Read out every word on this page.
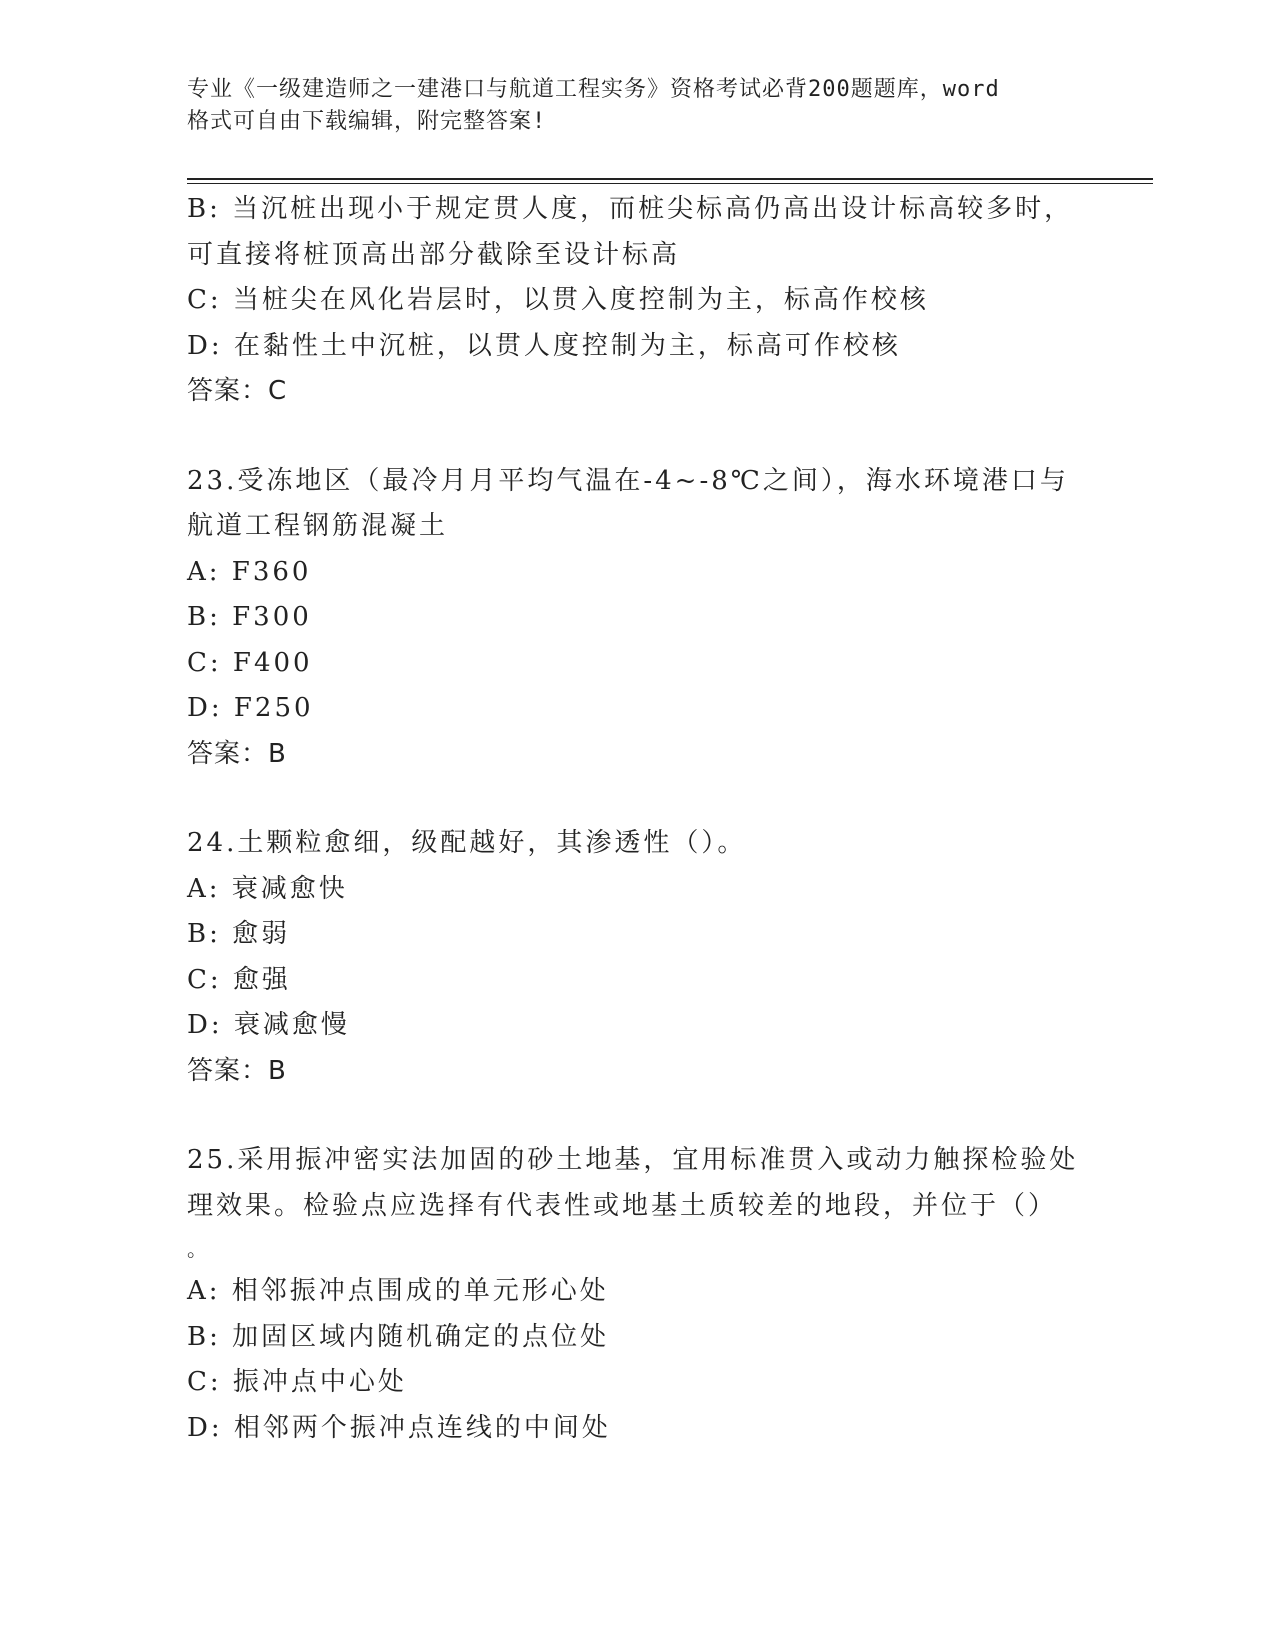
专业《一级建造师之一建港口与航道工程实务》资格考试必背200题题库，word
格式可自由下载编辑，附完整答案!
B: 当沉桩出现小于规定贯人度，而桩尖标高仍高出设计标高较多时，
可直接将桩顶高出部分截除至设计标高
C: 当桩尖在风化岩层时，以贯入度控制为主，标高作校核
D: 在黏性土中沉桩，以贯人度控制为主，标高可作校核
答案：C
23.受冻地区（最冷月月平均气温在-4~-8℃之间），海水环境港口与
航道工程钢筋混凝土
A: F360
B: F300
C: F400
D: F250
答案：B
24.土颗粒愈细，级配越好，其渗透性（）。
A: 衰减愈快
B: 愈弱
C: 愈强
D: 衰减愈慢
答案：B
25.采用振冲密实法加固的砂土地基，宜用标准贯入或动力触探检验处
理效果。检验点应选择有代表性或地基土质较差的地段，并位于（）
。
A: 相邻振冲点围成的单元形心处
B: 加固区域内随机确定的点位处
C: 振冲点中心处
D: 相邻两个振冲点连线的中间处
